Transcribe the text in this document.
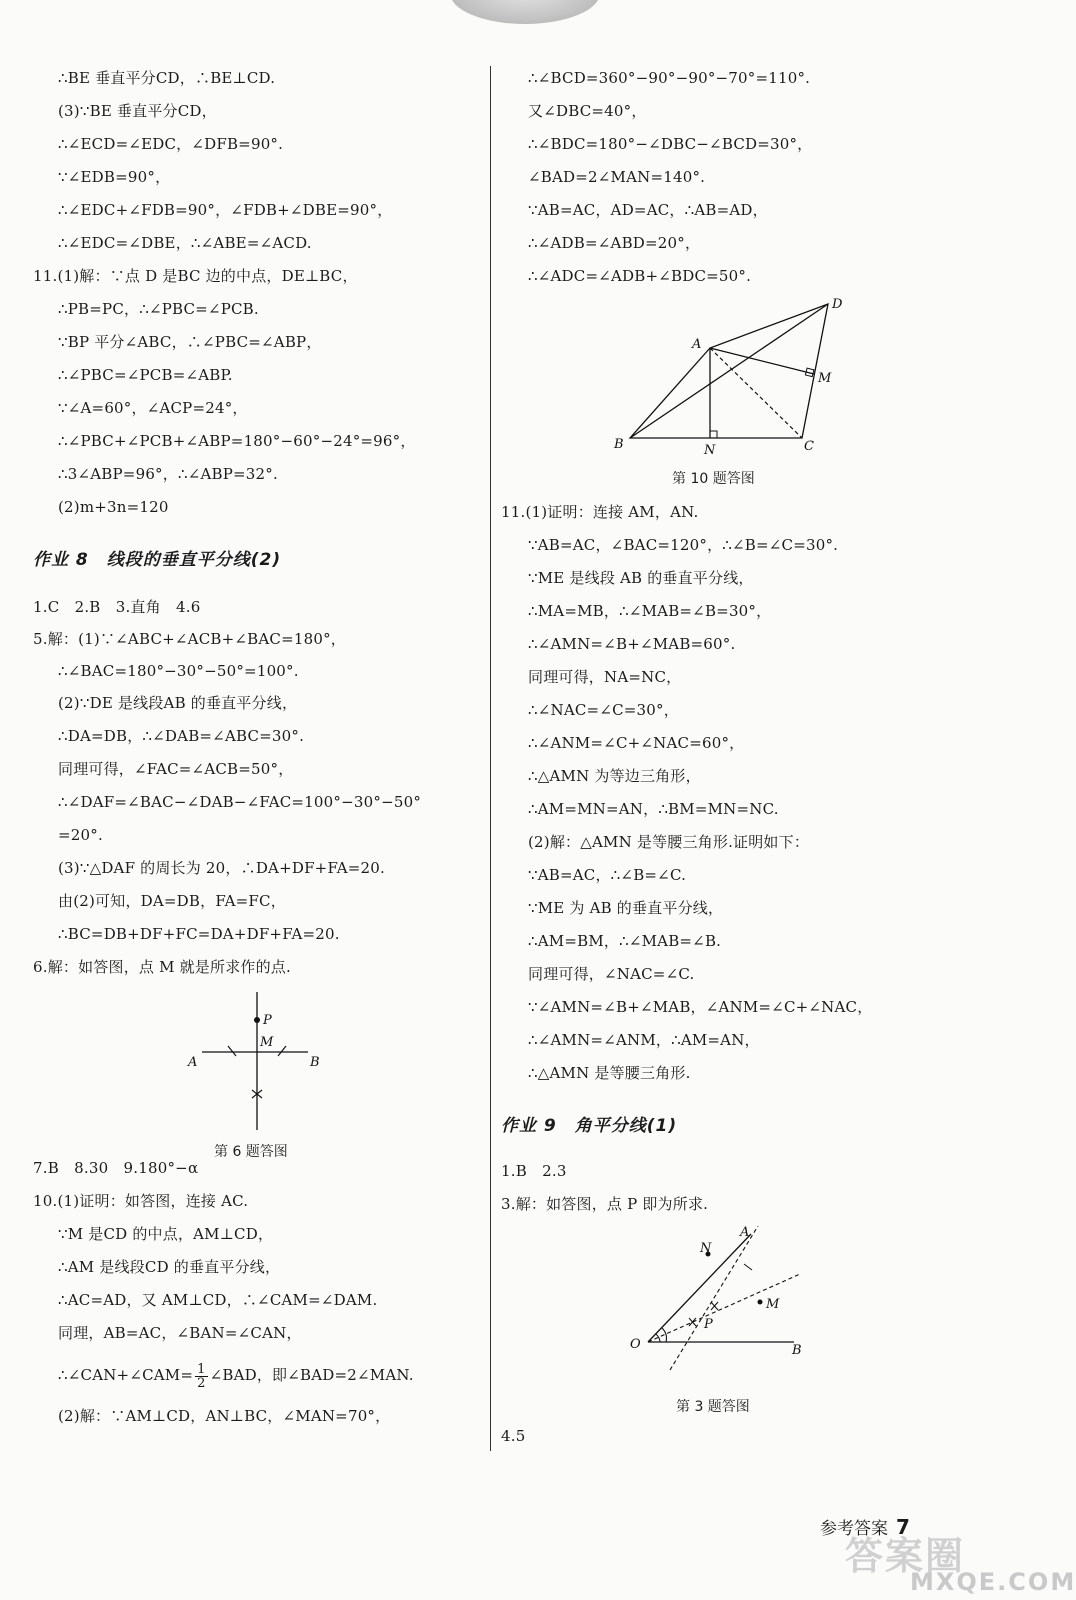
∴BE 垂直平分CD，∴BE⊥CD.
(3)∵BE 垂直平分CD，
∴∠ECD=∠EDC，∠DFB=90°.
∵∠EDB=90°，
∴∠EDC+∠FDB=90°，∠FDB+∠DBE=90°，
∴∠EDC=∠DBE，∴∠ABE=∠ACD.
11.(1)解：∵点 D 是BC 边的中点，DE⊥BC，
∴PB=PC，∴∠PBC=∠PCB.
∵BP 平分∠ABC，∴∠PBC=∠ABP，
∴∠PBC=∠PCB=∠ABP.
∵∠A=60°，∠ACP=24°，
∴∠PBC+∠PCB+∠ABP=180°−60°−24°=96°，
∴3∠ABP=96°，∴∠ABP=32°.
(2)m+3n=120
作业 8　线段的垂直平分线(2)
1.C　2.B　3.直角　4.6
5.解：(1)∵∠ABC+∠ACB+∠BAC=180°，
∴∠BAC=180°−30°−50°=100°.
(2)∵DE 是线段AB 的垂直平分线，
∴DA=DB，∴∠DAB=∠ABC=30°.
同理可得，∠FAC=∠ACB=50°，
∴∠DAF=∠BAC−∠DAB−∠FAC=100°−30°−50°
=20°.
(3)∵△DAF 的周长为 20，∴DA+DF+FA=20.
由(2)可知，DA=DB，FA=FC，
∴BC=DB+DF+FC=DA+DF+FA=20.
6.解：如答图，点 M 就是所求作的点.
P
M
A	B
第 6 题答图
7.B　8.30　9.180°−α
10.(1)证明：如答图，连接 AC.
∵M 是CD 的中点，AM⊥CD，
∴AM 是线段CD 的垂直平分线，
∴AC=AD，又 AM⊥CD，∴∠CAM=∠DAM.
同理，AB=AC，∠BAN=∠CAN，
∴∠CAN+∠CAM= $\frac{1}{2}$ ∠BAD，即∠BAD=2∠MAN.
(2)解：∵AM⊥CD，AN⊥BC，∠MAN=70°，
∴∠BCD=360°−90°−90°−70°=110°.
又∠DBC=40°，
∴∠BDC=180°−∠DBC−∠BCD=30°，
∠BAD=2∠MAN=140°.
∵AB=AC，AD=AC，∴AB=AD，
∴∠ADB=∠ABD=20°，
∴∠ADC=∠ADB+∠BDC=50°.
A
B	C
D
M
N
第 10 题答图
11.(1)证明：连接 AM，AN.
∵AB=AC，∠BAC=120°，∴∠B=∠C=30°.
∵ME 是线段 AB 的垂直平分线，
∴MA=MB，∴∠MAB=∠B=30°，
∴∠AMN=∠B+∠MAB=60°.
同理可得，NA=NC，
∴∠NAC=∠C=30°，
∴∠ANM=∠C+∠NAC=60°，
∴△AMN 为等边三角形，
∴AM=MN=AN，∴BM=MN=NC.
(2)解：△AMN 是等腰三角形.证明如下：
∵AB=AC，∴∠B=∠C.
∵ME 为 AB 的垂直平分线，
∴AM=BM，∴∠MAB=∠B.
同理可得，∠NAC=∠C.
∵∠AMN=∠B+∠MAB，∠ANM=∠C+∠NAC，
∴∠AMN=∠ANM，∴AM=AN，
∴△AMN 是等腰三角形.
作业 9　角平分线(1)
1.B　2.3
3.解：如答图，点 P 即为所求.
O
A
B
P
M
N
第 3 题答图
4.5
参考答案 7
答案圈
MXQE.COM
